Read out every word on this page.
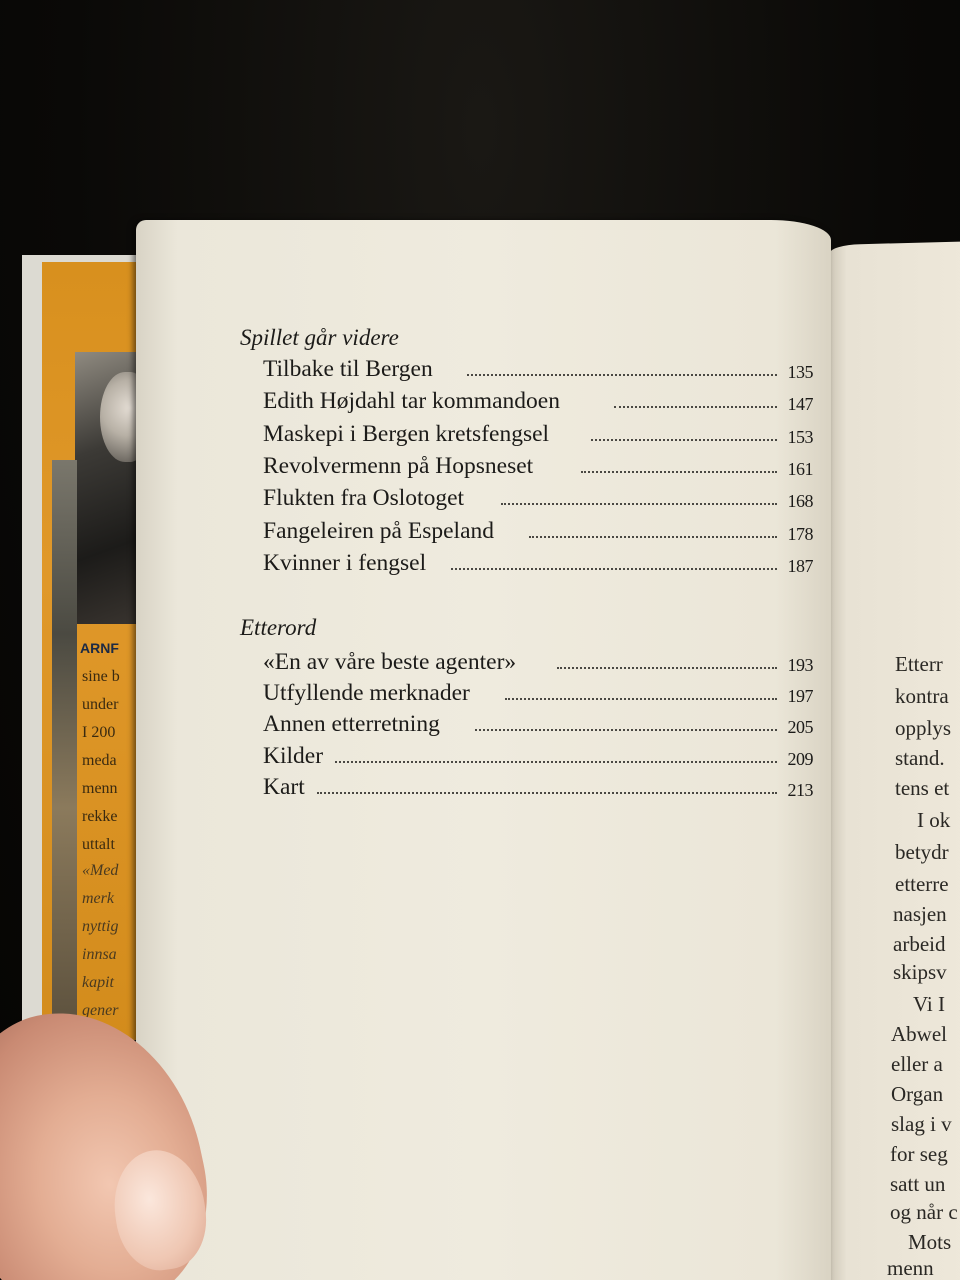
ARNF
sine b
under
I 200
meda
menn
rekke
uttalt
«Med
merk
nyttig
innsa
kapit
gener
Etterr
kontra
opplys
stand.
tens et
I ok
betydr
etterre
nasjen
arbeid
skipsv
Vi I
Abwel
eller a
Organ
slag i v
for seg
satt un
og når c
Mots
menn
Spillet går videre
Tilbake til Bergen	135
Edith Højdahl tar kommandoen	147
Maskepi i Bergen kretsfengsel	153
Revolvermenn på Hopsneset	161
Flukten fra Oslotoget	168
Fangeleiren på Espeland	178
Kvinner i fengsel	187
Etterord
«En av våre beste agenter»	193
Utfyllende merknader	197
Annen etterretning	205
Kilder	209
Kart	213
